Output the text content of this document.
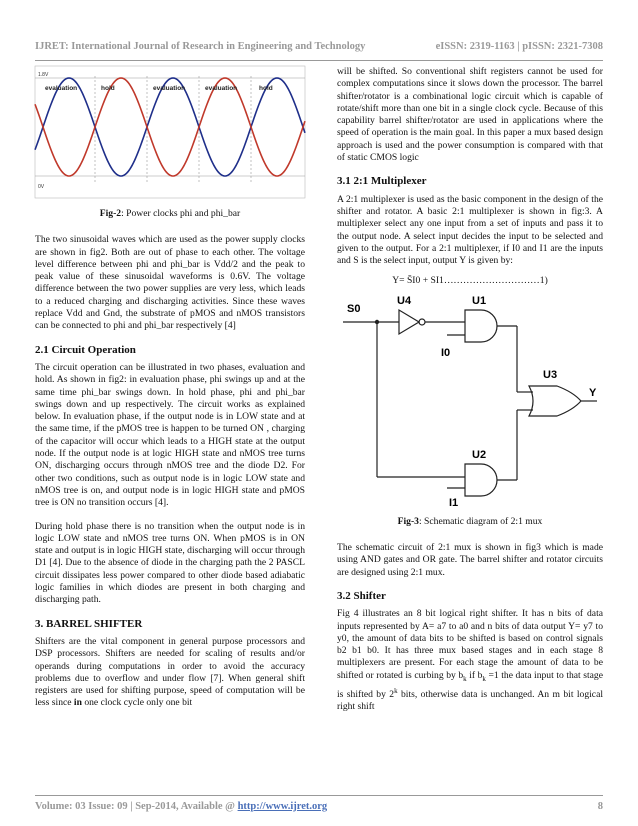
IJRET: International Journal of Research in Engineering and Technology	eISSN: 2319-1163 | pISSN: 2321-7308
1.8V
0V
evaluation	hold	evaluation	evaluation	hold

Fig-2: Power clocks phi and phi_bar

The two sinusoidal waves which are used as the power supply clocks are shown in fig2. Both are out of phase to each other. The voltage level difference between phi and phi_bar is Vdd/2 and the peak to peak value of these sinusoidal waveforms is 0.6V. The voltage difference between the two power supplies are very less, which leads to a reduced charging and discharging activities. Since these waves replace Vdd and Gnd, the substrate of pMOS and nMOS transistors can be connected to phi and phi_bar respectively [4]

2.1 Circuit Operation

The circuit operation can be illustrated in two phases, evaluation and hold. As shown in fig2: in evaluation phase, phi swings up and at the same time phi_bar swings down. In hold phase, phi and phi_bar swings down and up respectively. The circuit works as explained below. In evaluation phase, if the output node is in LOW state and at the same time, if the pMOS tree is happen to be turned ON , charging of the capacitor will occur which leads to a HIGH state at the output node. If the output node is at logic HIGH state and nMOS tree turns ON, discharging occurs through nMOS tree and the diode D2. For other two conditions, such as output node is in logic LOW state and nMOS tree is on, and output node is in logic HIGH state and pMOS tree is ON no transition occurs [4].

During hold phase there is no transition when the output node is in logic LOW state and nMOS tree turns ON. When pMOS is in ON state and output is in logic HIGH state, discharging will occur through D1 [4]. Due to the absence of diode in the charging path the 2 PASCL circuit dissipates less power compared to other diode based adiabatic logic families in which diodes are present in both charging and discharging path.

3. BARREL SHIFTER

Shifters are the vital component in general purpose processors and DSP processors. Shifters are needed for scaling of results and/or operands during computations in order to avoid the accuracy problems due to overflow and under flow [7]. When general shift registers are used for shifting purpose, speed of computation will be less since in one clock cycle only one bit

will be shifted. So conventional shift registers cannot be used for complex computations since it slows down the processor. The barrel shifter/rotator is a combinational logic circuit which is capable of rotate/shift more than one bit in a single clock cycle. Because of this capability barrel shifter/rotator are used in applications where the speed of operation is the main goal. In this paper a mux based design approach is used and the power consumption is compared with that of static CMOS logic

3.1 2:1 Multiplexer

A 2:1 multiplexer is used as the basic component in the design of the shifter and rotator. A basic 2:1 multiplexer is shown in fig:3. A multiplexer select any one input from a set of inputs and pass it to the output node. A select input decides the input to be selected and given to the output. For a 2:1 multiplexer, if I0 and I1 are the inputs and S is the select input, output Y is given by:

Y= S̄I0 + SI1…………………………1)

S0
U4	U1
I0
U3
Y
U2
I1

Fig-3: Schematic diagram of 2:1 mux

The schematic circuit of 2:1 mux is shown in fig3 which is made using AND gates and OR gate. The barrel shifter and rotator circuits are designed using 2:1 mux.

3.2 Shifter

Fig 4 illustrates an 8 bit logical right shifter. It has n bits of data inputs represented by A= a7 to a0 and n bits of data output Y= y7 to y0, the amount of data bits to be shifted is based on control signals b2 b1 b0. It has three mux based stages and in each stage 8 multiplexers are present. For each stage the amount of data to be shifted or rotated is curbing by $b_k$ if $b_k =1$ the data input to that stage is shifted by 2$^k$ bits, otherwise data is unchanged. An m bit logical right shift

Volume: 03 Issue: 09 | Sep-2014, Available @ http://www.ijret.org	8
